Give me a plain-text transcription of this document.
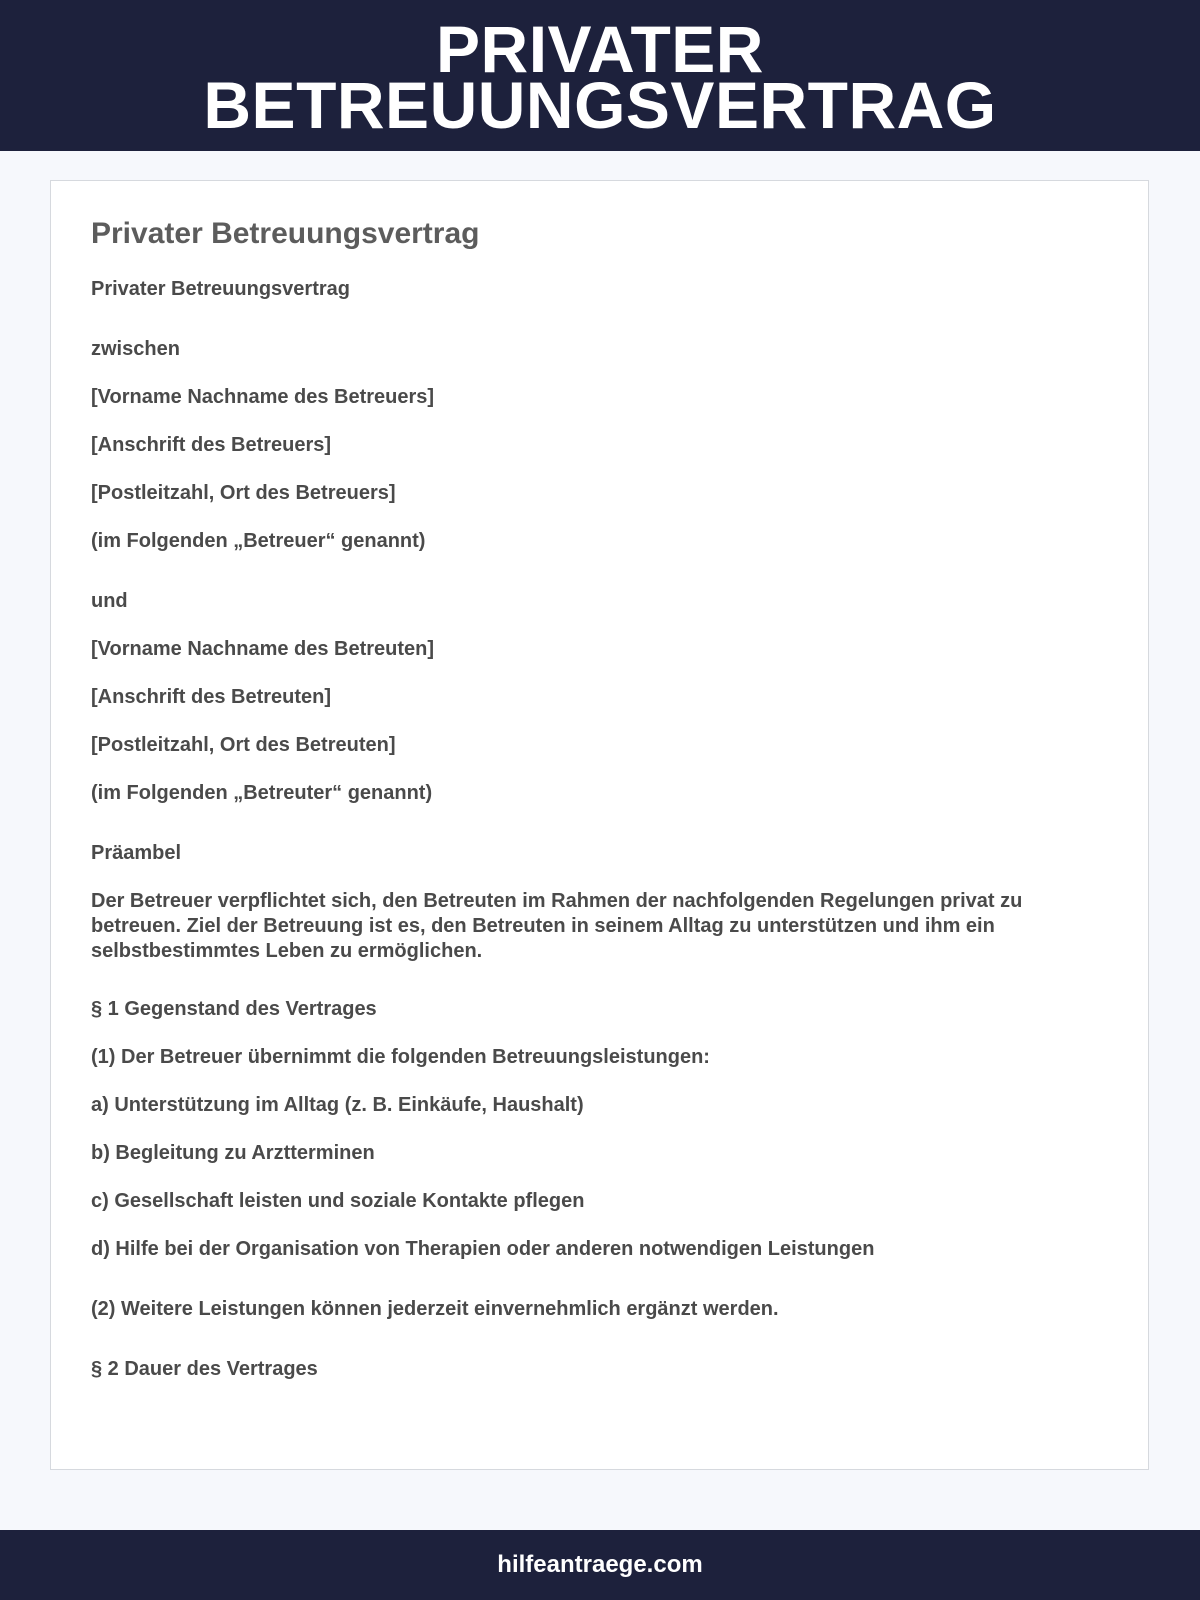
PRIVATER
BETREUUNGSVERTRAG
Privater Betreuungsvertrag

Privater Betreuungsvertrag

zwischen

[Vorname Nachname des Betreuers]

[Anschrift des Betreuers]

[Postleitzahl, Ort des Betreuers]

(im Folgenden „Betreuer“ genannt)

und

[Vorname Nachname des Betreuten]

[Anschrift des Betreuten]

[Postleitzahl, Ort des Betreuten]

(im Folgenden „Betreuter“ genannt)

Präambel

Der Betreuer verpflichtet sich, den Betreuten im Rahmen der nachfolgenden Regelungen privat zu betreuen. Ziel der Betreuung ist es, den Betreuten in seinem Alltag zu unterstützen und ihm ein selbstbestimmtes Leben zu ermöglichen.

§ 1 Gegenstand des Vertrages

(1) Der Betreuer übernimmt die folgenden Betreuungsleistungen:

a) Unterstützung im Alltag (z. B. Einkäufe, Haushalt)

b) Begleitung zu Arztterminen

c) Gesellschaft leisten und soziale Kontakte pflegen

d) Hilfe bei der Organisation von Therapien oder anderen notwendigen Leistungen

(2) Weitere Leistungen können jederzeit einvernehmlich ergänzt werden.

§ 2 Dauer des Vertrages

hilfeantraege.com
